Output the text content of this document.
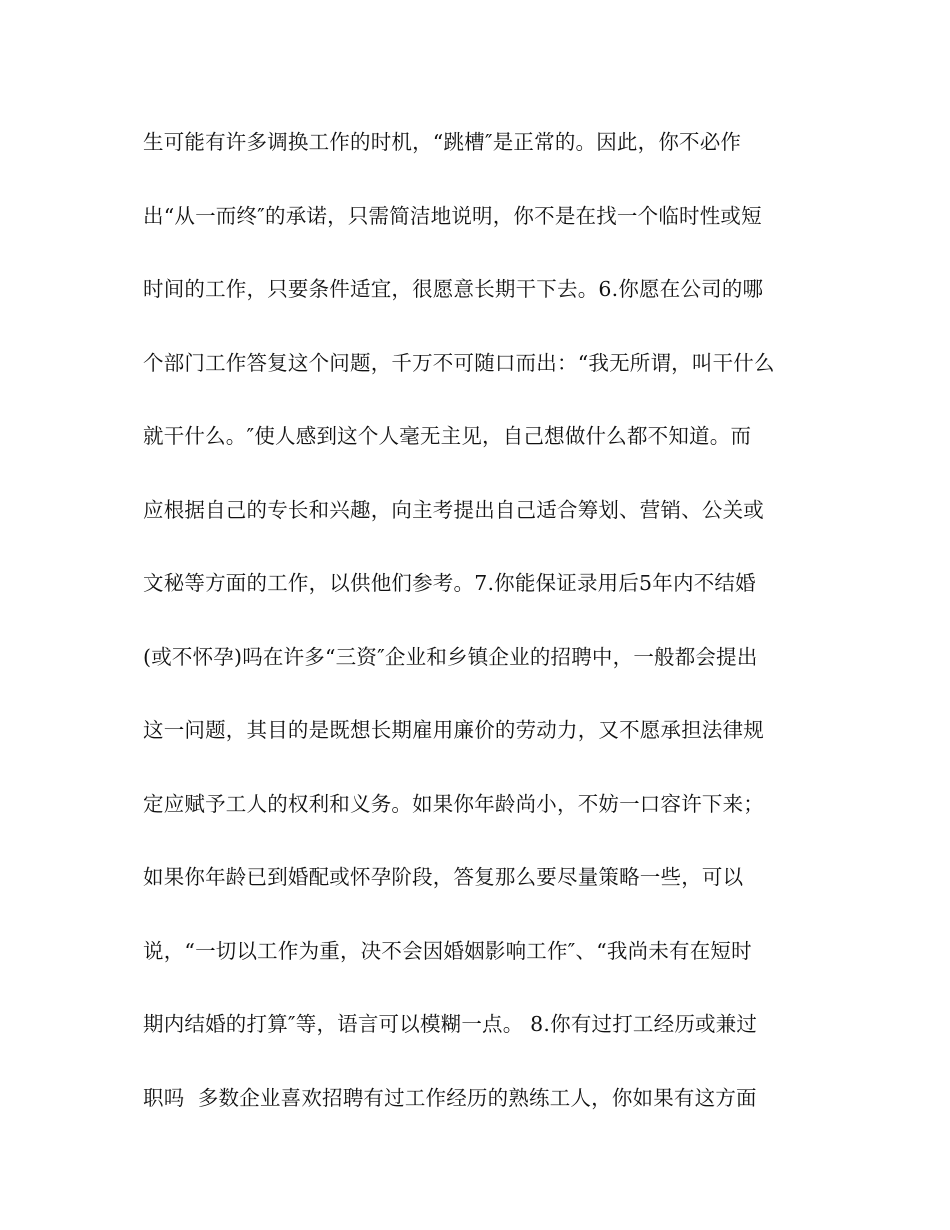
生可能有许多调换工作的时机，“跳槽″是正常的。因此，你不必作
出“从一而终″的承诺，只需简洁地说明，你不是在找一个临时性或短
时间的工作，只要条件适宜，很愿意长期干下去。6.你愿在公司的哪
个部门工作答复这个问题，千万不可随口而出：“我无所谓，叫干什么
就干什么。″使人感到这个人毫无主见，自己想做什么都不知道。而
应根据自己的专长和兴趣，向主考提出自己适合筹划、营销、公关或
文秘等方面的工作，以供他们参考。7.你能保证录用后5年内不结婚
(或不怀孕)吗在许多“三资″企业和乡镇企业的招聘中，一般都会提出
这一问题，其目的是既想长期雇用廉价的劳动力，又不愿承担法律规
定应赋予工人的权利和义务。如果你年龄尚小，不妨一口容许下来；
如果你年龄已到婚配或怀孕阶段，答复那么要尽量策略一些，可以
说，“一切以工作为重，决不会因婚姻影响工作″、“我尚未有在短时
期内结婚的打算″等，语言可以模糊一点。 8.你有过打工经历或兼过
职吗  多数企业喜欢招聘有过工作经历的熟练工人，你如果有这方面
